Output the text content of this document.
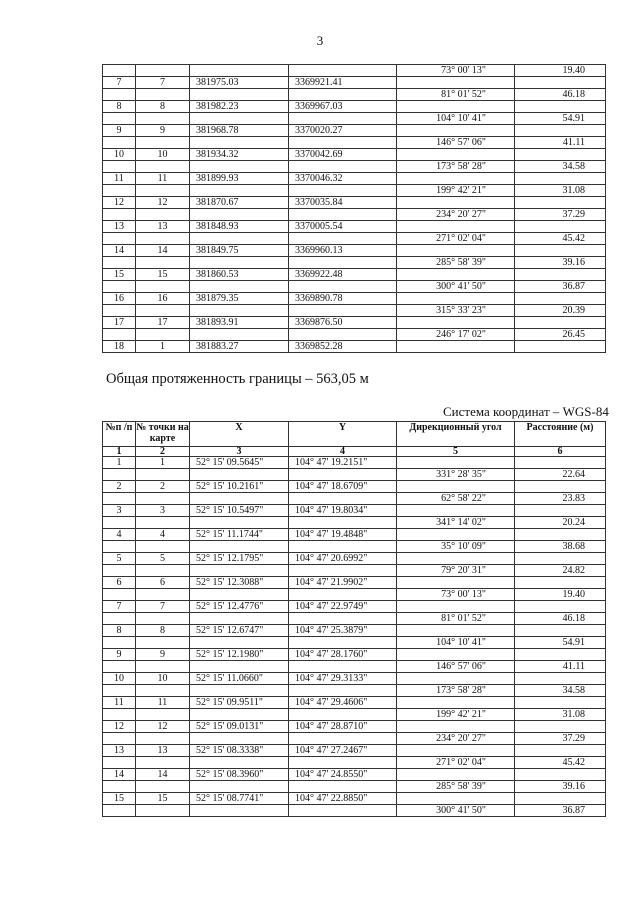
3
				73° 00' 13"	19.40
7	7	381975.03	3369921.41		
				81° 01' 52"	46.18
8	8	381982.23	3369967.03		
				104° 10' 41"	54.91
9	9	381968.78	3370020.27		
				146° 57' 06"	41.11
10	10	381934.32	3370042.69		
				173° 58' 28"	34.58
11	11	381899.93	3370046.32		
				199° 42' 21"	31.08
12	12	381870.67	3370035.84		
				234° 20' 27"	37.29
13	13	381848.93	3370005.54		
				271° 02' 04"	45.42
14	14	381849.75	3369960.13		
				285° 58' 39"	39.16
15	15	381860.53	3369922.48		
				300° 41' 50"	36.87
16	16	381879.35	3369890.78		
				315° 33' 23"	20.39
17	17	381893.91	3369876.50		
				246° 17' 02"	26.45
18	1	381883.27	3369852.28		
Общая протяженность границы – 563,05 м
Система координат – WGS-84
№п /п	№ точки на карте	X	Y	Дирекционный угол	Расстояние (м)
1	2	3	4	5	6
1	1	52° 15' 09.5645"	104° 47' 19.2151"		
				331° 28' 35"	22.64
2	2	52° 15' 10.2161"	104° 47' 18.6709"		
				62° 58' 22"	23.83
3	3	52° 15' 10.5497"	104° 47' 19.8034"		
				341° 14' 02"	20.24
4	4	52° 15' 11.1744"	104° 47' 19.4848"		
				35° 10' 09"	38.68
5	5	52° 15' 12.1795"	104° 47' 20.6992"		
				79° 20' 31"	24.82
6	6	52° 15' 12.3088"	104° 47' 21.9902"		
				73° 00' 13"	19.40
7	7	52° 15' 12.4776"	104° 47' 22.9749"		
				81° 01' 52"	46.18
8	8	52° 15' 12.6747"	104° 47' 25.3879"		
				104° 10' 41"	54.91
9	9	52° 15' 12.1980"	104° 47' 28.1760"		
				146° 57' 06"	41.11
10	10	52° 15' 11.0660"	104° 47' 29.3133"		
				173° 58' 28"	34.58
11	11	52° 15' 09.9511"	104° 47' 29.4606"		
				199° 42' 21"	31.08
12	12	52° 15' 09.0131"	104° 47' 28.8710"		
				234° 20' 27"	37.29
13	13	52° 15' 08.3338"	104° 47' 27.2467"		
				271° 02' 04"	45.42
14	14	52° 15' 08.3960"	104° 47' 24.8550"		
				285° 58' 39"	39.16
15	15	52° 15' 08.7741"	104° 47' 22.8850"		
				300° 41' 50"	36.87
